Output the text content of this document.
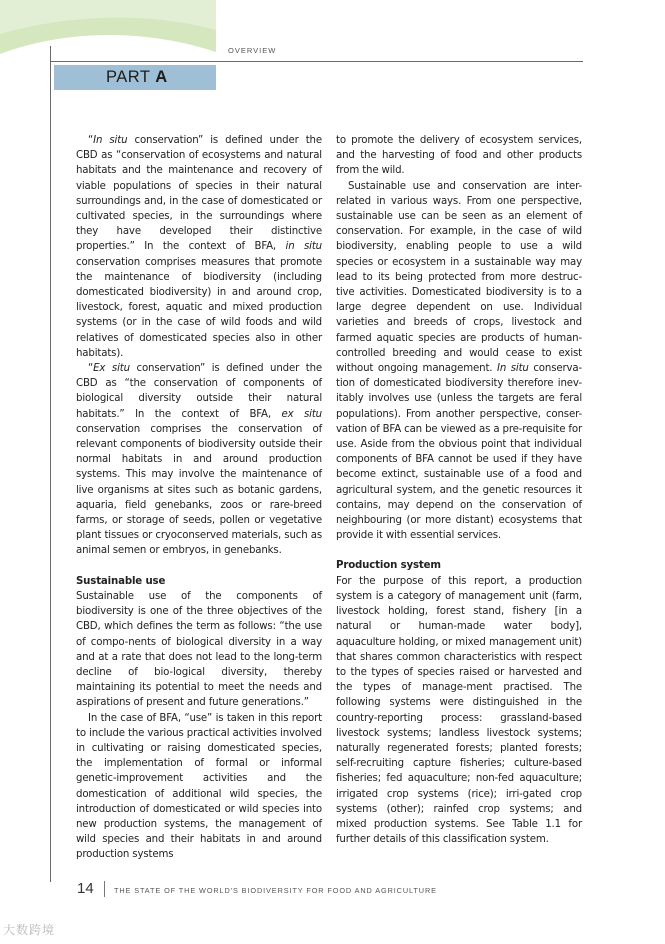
OVERVIEW
PART A

“In situ conservation” is defined under the CBD as “conservation of ecosystems and natural habitats and the maintenance and recovery of viable populations of species in their natural surroundings and, in the case of domesticated or cultivated species, in the surroundings where they have developed their distinctive properties.” In the context of BFA, in situ conservation comprises measures that promote the maintenance of biodiversity (including domesticated biodiversity) in and around crop, livestock, forest, aquatic and mixed production systems (or in the case of wild foods and wild relatives of domesticated species also in other habitats).

“Ex situ conservation” is defined under the CBD as “the conservation of components of biological diversity outside their natural habitats.” In the context of BFA, ex situ conservation comprises the conservation of relevant components of biodiversity outside their normal habitats in and around production systems. This may involve the maintenance of live organisms at sites such as botanic gardens, aquaria, field genebanks, zoos or rare-breed farms, or storage of seeds, pollen or vegetative plant tissues or cryoconserved materials, such as animal semen or embryos, in genebanks.

Sustainable use

Sustainable use of the components of biodiversity is one of the three objectives of the CBD, which defines the term as follows: “the use of compo-nents of biological diversity in a way and at a rate that does not lead to the long-term decline of bio-logical diversity, thereby maintaining its potential to meet the needs and aspirations of present and future generations.”

In the case of BFA, “use” is taken in this report to include the various practical activities involved in cultivating or raising domesticated species, the implementation of formal or informal genetic-improvement activities and the domestication of additional wild species, the introduction of domesticated or wild species into new production systems, the management of wild species and their habitats in and around production systems

to promote the delivery of ecosystem services, and the harvesting of food and other products from the wild.

Sustainable use and conservation are inter-related in various ways. From one perspective, sustainable use can be seen as an element of conservation. For example, in the case of wild biodiversity, enabling people to use a wild species or ecosystem in a sustainable way may lead to its being protected from more destruc-tive activities. Domesticated biodiversity is to a large degree dependent on use. Individual varieties and breeds of crops, livestock and farmed aquatic species are products of human-controlled breeding and would cease to exist without ongoing management. In situ conserva-tion of domesticated biodiversity therefore inev-itably involves use (unless the targets are feral populations). From another perspective, conser-vation of BFA can be viewed as a pre-requisite for use. Aside from the obvious point that individual components of BFA cannot be used if they have become extinct, sustainable use of a food and agricultural system, and the genetic resources it contains, may depend on the conservation of neighbouring (or more distant) ecosystems that provide it with essential services.

Production system

For the purpose of this report, a production system is a category of management unit (farm, livestock holding, forest stand, fishery [in a natural or human-made water body], aquaculture holding, or mixed management unit) that shares common characteristics with respect to the types of species raised or harvested and the types of manage-ment practised. The following systems were distinguished in the country-reporting process: grassland-based livestock systems; landless livestock systems; naturally regenerated forests; planted forests; self-recruiting capture fisheries; culture-based fisheries; fed aquaculture; non-fed aquaculture; irrigated crop systems (rice); irri-gated crop systems (other); rainfed crop systems; and mixed production systems. See Table 1.1 for further details of this classification system.

14	THE STATE OF THE WORLD'S BIODIVERSITY FOR FOOD AND AGRICULTURE
大数跨境
